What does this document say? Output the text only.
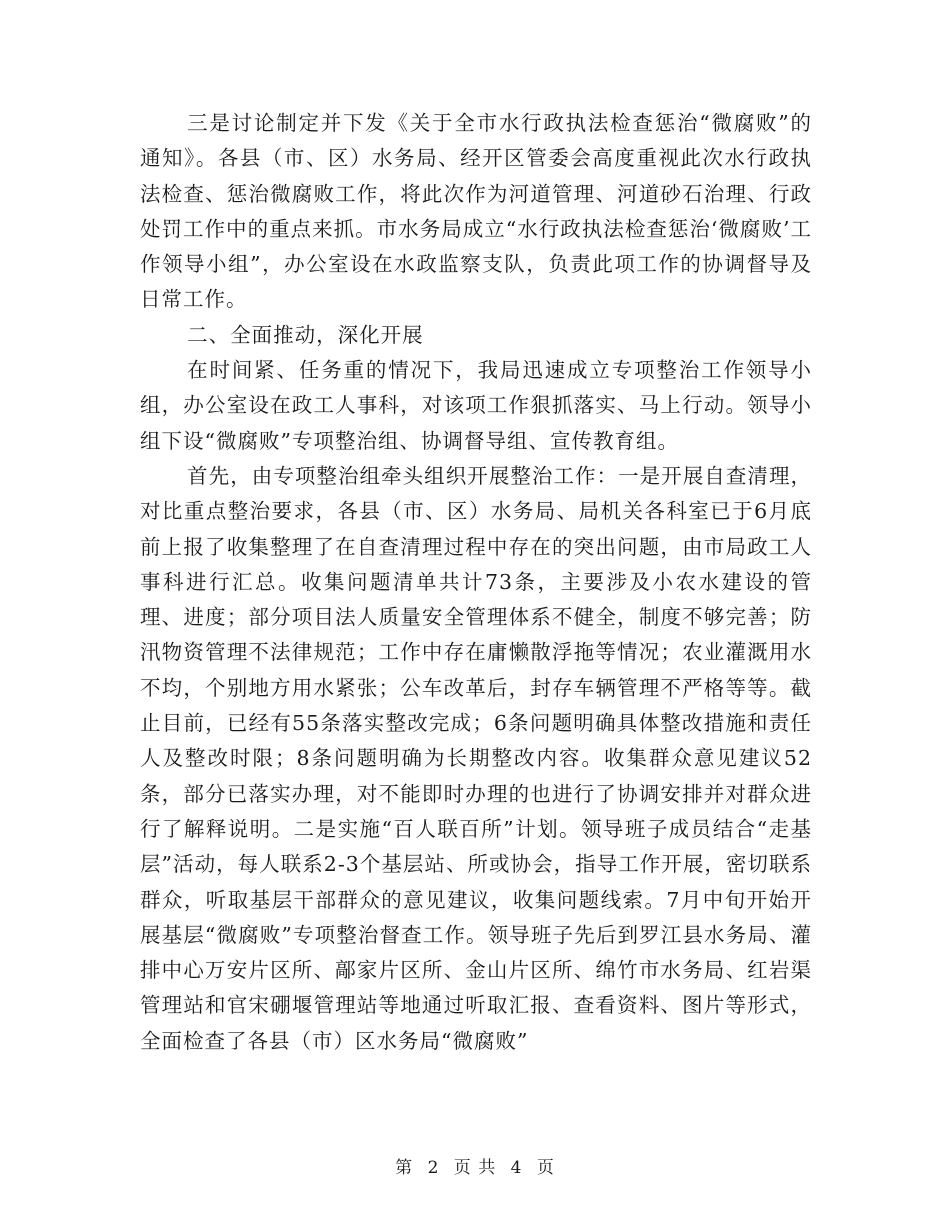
三是讨论制定并下发《关于全市水行政执法检查惩治“微腐败”的通知》。各县（市、区）水务局、经开区管委会高度重视此次水行政执法检查、惩治微腐败工作，将此次作为河道管理、河道砂石治理、行政处罚工作中的重点来抓。市水务局成立“水行政执法检查惩治‘微腐败’工作领导小组”，办公室设在水政监察支队，负责此项工作的协调督导及日常工作。

二、全面推动，深化开展

在时间紧、任务重的情况下，我局迅速成立专项整治工作领导小组，办公室设在政工人事科，对该项工作狠抓落实、马上行动。领导小组下设“微腐败”专项整治组、协调督导组、宣传教育组。

首先，由专项整治组牵头组织开展整治工作：一是开展自查清理，对比重点整治要求，各县（市、区）水务局、局机关各科室已于6月底前上报了收集整理了在自查清理过程中存在的突出问题，由市局政工人事科进行汇总。收集问题清单共计73条，主要涉及小农水建设的管理、进度；部分项目法人质量安全管理体系不健全，制度不够完善；防汛物资管理不法律规范；工作中存在庸懒散浮拖等情况；农业灌溉用水不均，个别地方用水紧张；公车改革后，封存车辆管理不严格等等。截止目前，已经有55条落实整改完成；6条问题明确具体整改措施和责任人及整改时限；8条问题明确为长期整改内容。收集群众意见建议52条，部分已落实办理，对不能即时办理的也进行了协调安排并对群众进行了解释说明。二是实施“百人联百所”计划。领导班子成员结合“走基层”活动，每人联系2-3个基层站、所或协会，指导工作开展，密切联系群众，听取基层干部群众的意见建议，收集问题线索。7月中旬开始开展基层“微腐败”专项整治督查工作。领导班子先后到罗江县水务局、灌排中心万安片区所、鄗家片区所、金山片区所、绵竹市水务局、红岩渠管理站和官宋硼堰管理站等地通过听取汇报、查看资料、图片等形式，全面检查了各县（市）区水务局“微腐败”

第 2 页 共 4 页
